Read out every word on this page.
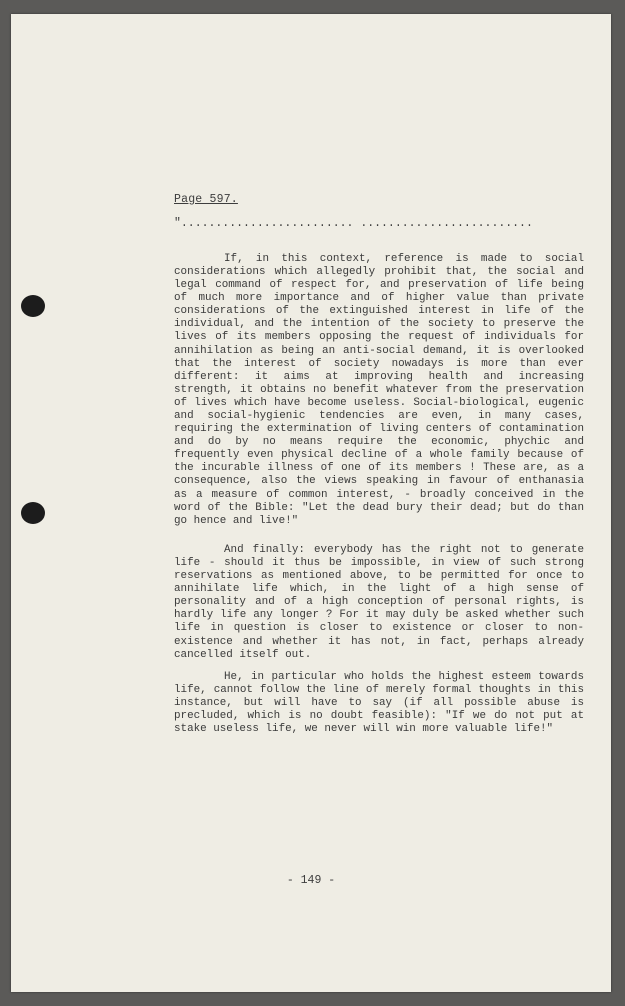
Page 597.
"......................... .........................

If, in this context, reference is made to social considerations which allegedly prohibit that, the social and legal command of respect for, and preservation of life being of much more importance and of higher value than private considerations of the extinguished interest in life of the individual, and the intention of the society to preserve the lives of its members opposing the request of individuals for annihilation as being an anti-social demand, it is overlooked that the interest of society nowadays is more than ever different: it aims at improving health and increasing strength, it obtains no benefit whatever from the preservation of lives which have become useless. Social-biological, eugenic and social-hygienic tendencies are even, in many cases, requiring the extermination of living centers of contamination and do by no means require the economic, phychic and frequently even physical decline of a whole family because of the incurable illness of one of its members ! These are, as a consequence, also the views speaking in favour of enthanasia as a measure of common interest, - broadly conceived in the word of the Bible: "Let the dead bury their dead; but do than go hence and live!"

And finally: everybody has the right not to generate life - should it thus be impossible, in view of such strong reservations as mentioned above, to be permitted for once to annihilate life which, in the light of a high sense of personality and of a high conception of personal rights, is hardly life any longer ? For it may duly be asked whether such life in question is closer to existence or closer to non-existence and whether it has not, in fact, perhaps already cancelled itself out.

He, in particular who holds the highest esteem towards life, cannot follow the line of merely formal thoughts in this instance, but will have to say (if all possible abuse is precluded, which is no doubt feasible): "If we do not put at stake useless life, we never will win more valuable life!"

- 149 -
